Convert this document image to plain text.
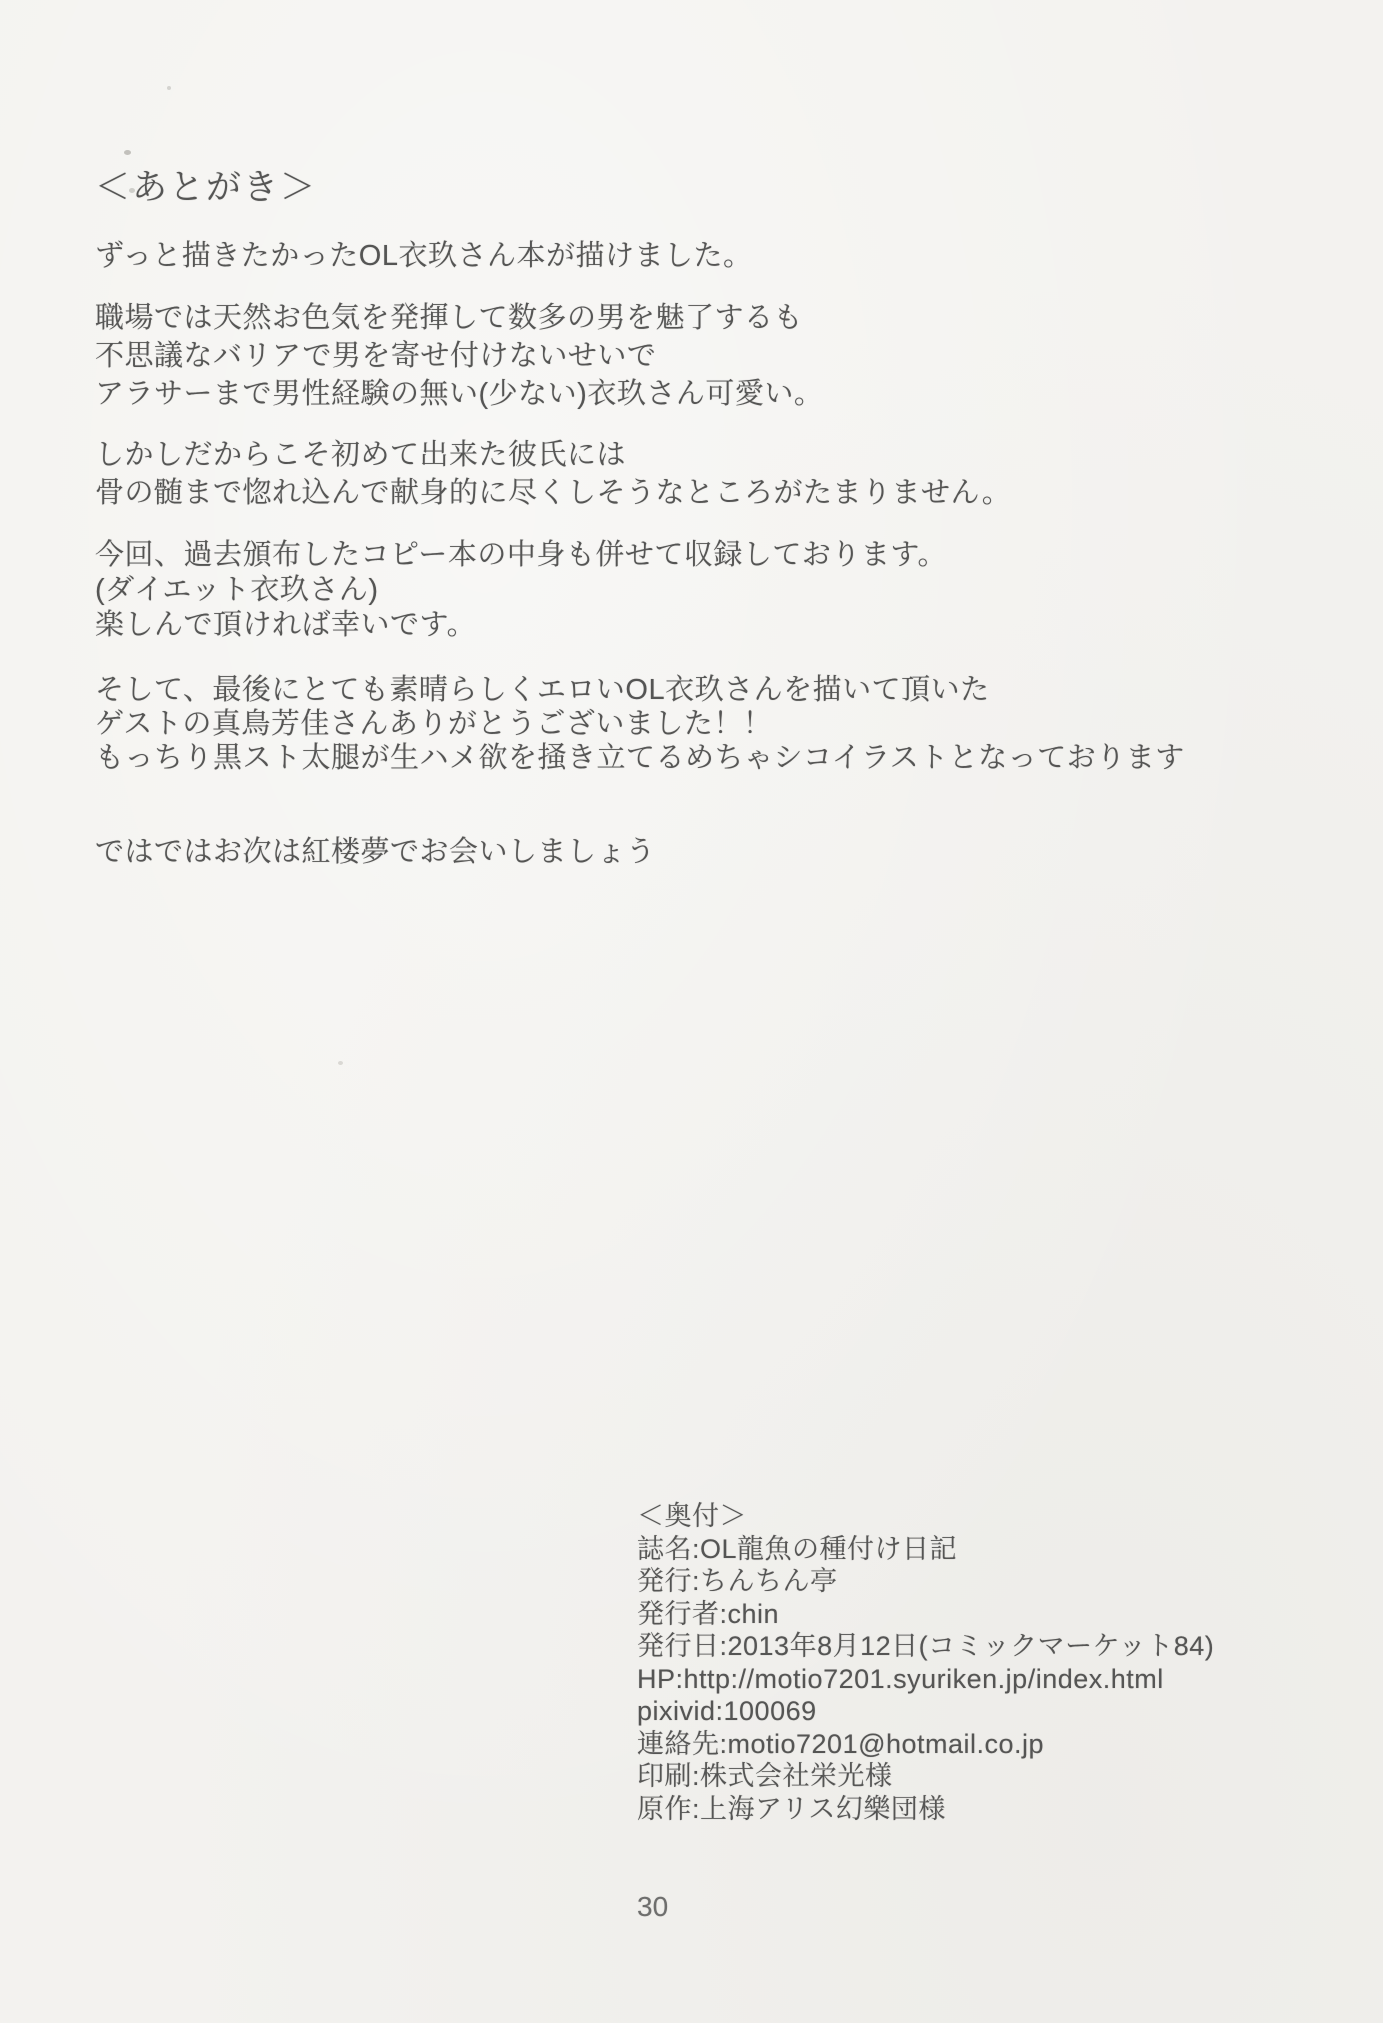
＜あとがき＞
ずっと描きたかったOL衣玖さん本が描けました。
職場では天然お色気を発揮して数多の男を魅了するも
不思議なバリアで男を寄せ付けないせいで
アラサーまで男性経験の無い(少ない)衣玖さん可愛い。
しかしだからこそ初めて出来た彼氏には
骨の髄まで惚れ込んで献身的に尽くしそうなところがたまりません。
今回、過去頒布したコピー本の中身も併せて収録しております。
(ダイエット衣玖さん)
楽しんで頂ければ幸いです。
そして、最後にとても素晴らしくエロいOL衣玖さんを描いて頂いた
ゲストの真鳥芳佳さんありがとうございました！！
もっちり黒スト太腿が生ハメ欲を掻き立てるめちゃシコイラストとなっております
ではではお次は紅楼夢でお会いしましょう
＜奥付＞
誌名:OL龍魚の種付け日記
発行:ちんちん亭
発行者:chin
発行日:2013年8月12日(コミックマーケット84)
HP:http://motio7201.syuriken.jp/index.html
pixivid:100069
連絡先:motio7201@hotmail.co.jp
印刷:株式会社栄光様
原作:上海アリス幻樂団様
30
